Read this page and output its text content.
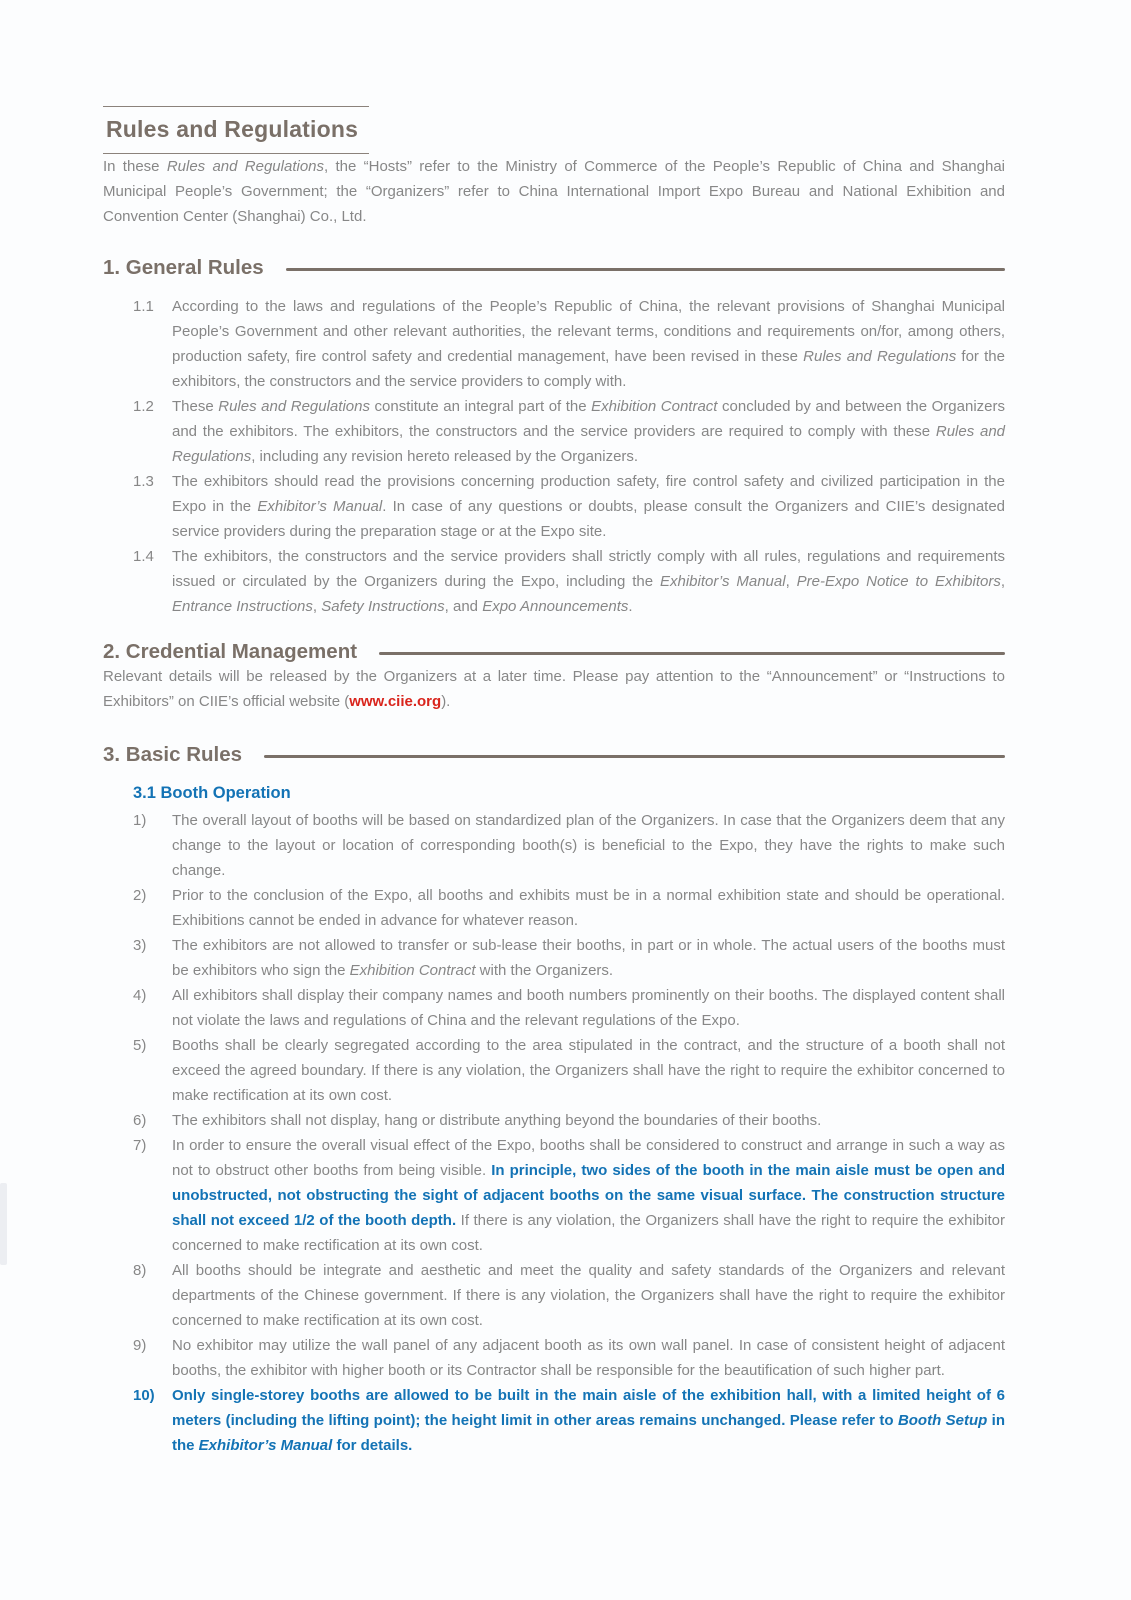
Rules and Regulations

In these Rules and Regulations, the “Hosts” refer to the Ministry of Commerce of the People’s Republic of China and Shanghai Municipal People’s Government; the “Organizers” refer to China International Import Expo Bureau and National Exhibition and Convention Center (Shanghai) Co., Ltd.

1. General Rules
1.1	According to the laws and regulations of the People’s Republic of China, the relevant provisions of Shanghai Municipal People’s Government and other relevant authorities, the relevant terms, conditions and requirements on/for, among others, production safety, fire control safety and credential management, have been revised in these Rules and Regulations for the exhibitors, the constructors and the service providers to comply with.
1.2	These Rules and Regulations constitute an integral part of the Exhibition Contract concluded by and between the Organizers and the exhibitors. The exhibitors, the constructors and the service providers are required to comply with these Rules and Regulations, including any revision hereto released by the Organizers.
1.3	The exhibitors should read the provisions concerning production safety, fire control safety and civilized participation in the Expo in the Exhibitor’s Manual. In case of any questions or doubts, please consult the Organizers and CIIE’s designated service providers during the preparation stage or at the Expo site.
1.4	The exhibitors, the constructors and the service providers shall strictly comply with all rules, regulations and requirements issued or circulated by the Organizers during the Expo, including the Exhibitor’s Manual, Pre-Expo Notice to Exhibitors, Entrance Instructions, Safety Instructions, and Expo Announcements.
2. Credential Management

Relevant details will be released by the Organizers at a later time. Please pay attention to the “Announcement” or “Instructions to Exhibitors” on CIIE’s official website (www.ciie.org).

3. Basic Rules
3.1 Booth Operation
1)	The overall layout of booths will be based on standardized plan of the Organizers. In case that the Organizers deem that any change to the layout or location of corresponding booth(s) is beneficial to the Expo, they have the rights to make such change.
2)	Prior to the conclusion of the Expo, all booths and exhibits must be in a normal exhibition state and should be operational. Exhibitions cannot be ended in advance for whatever reason.
3)	The exhibitors are not allowed to transfer or sub-lease their booths, in part or in whole. The actual users of the booths must be exhibitors who sign the Exhibition Contract with the Organizers.
4)	All exhibitors shall display their company names and booth numbers prominently on their booths. The displayed content shall not violate the laws and regulations of China and the relevant regulations of the Expo.
5)	Booths shall be clearly segregated according to the area stipulated in the contract, and the structure of a booth shall not exceed the agreed boundary. If there is any violation, the Organizers shall have the right to require the exhibitor concerned to make rectification at its own cost.
6)	The exhibitors shall not display, hang or distribute anything beyond the boundaries of their booths.
7)	In order to ensure the overall visual effect of the Expo, booths shall be considered to construct and arrange in such a way as not to obstruct other booths from being visible. In principle, two sides of the booth in the main aisle must be open and unobstructed, not obstructing the sight of adjacent booths on the same visual surface. The construction structure shall not exceed 1/2 of the booth depth. If there is any violation, the Organizers shall have the right to require the exhibitor concerned to make rectification at its own cost.
8)	All booths should be integrate and aesthetic and meet the quality and safety standards of the Organizers and relevant departments of the Chinese government. If there is any violation, the Organizers shall have the right to require the exhibitor concerned to make rectification at its own cost.
9)	No exhibitor may utilize the wall panel of any adjacent booth as its own wall panel. In case of consistent height of adjacent booths, the exhibitor with higher booth or its Contractor shall be responsible for the beautification of such higher part.
10)	Only single-storey booths are allowed to be built in the main aisle of the exhibition hall, with a limited height of 6 meters (including the lifting point); the height limit in other areas remains unchanged. Please refer to Booth Setup in the Exhibitor’s Manual for details.
